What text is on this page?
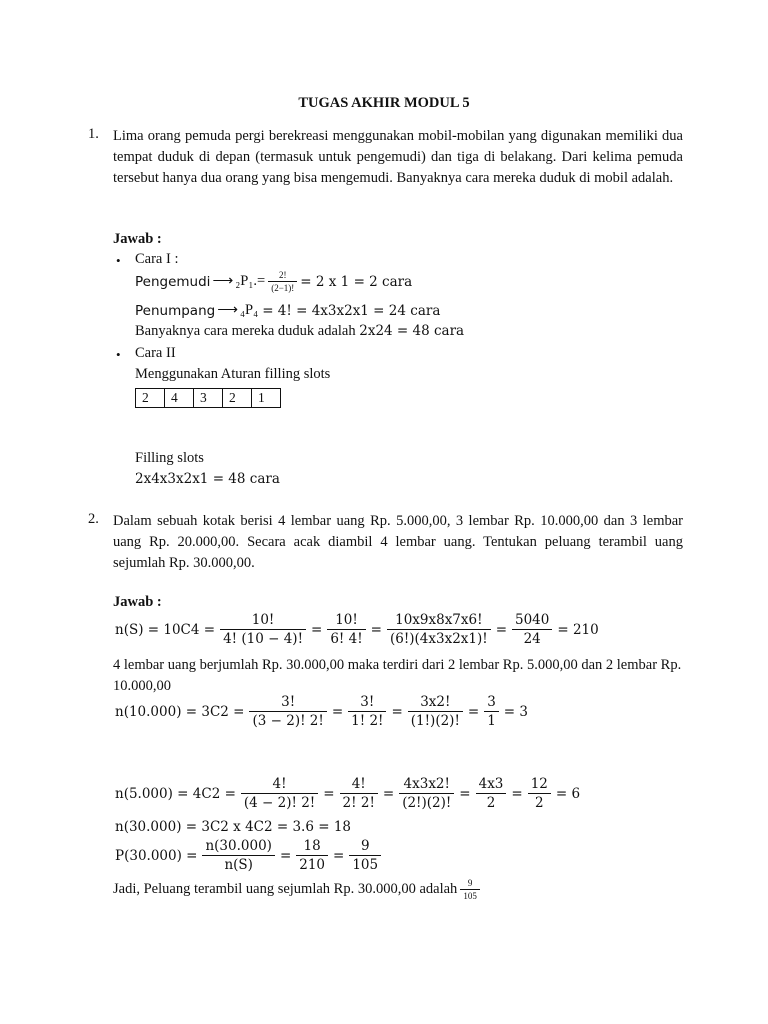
TUGAS AKHIR MODUL 5
1. Lima orang pemuda pergi berekreasi menggunakan mobil-mobilan yang digunakan memiliki dua tempat duduk di depan (termasuk untuk pengemudi) dan tiga di belakang. Dari kelima pemuda tersebut hanya dua orang yang bisa mengemudi. Banyaknya cara mereka duduk di mobil adalah.
Jawab :
• Cara I :
Pengemudi ⟶ $_2P_1.= \frac{2!}{(2-1)!} = 2$ x 1 = 2 cara
Penumpang ⟶ ₄P₄ = 4! = 4x3x2x1 = 24 cara
Banyaknya cara mereka duduk adalah 2x24 = 48 cara
• Cara II
Menggunakan Aturan filling slots
2	4	3	2	1
Filling slots
2x4x3x2x1 = 48 cara
2. Dalam sebuah kotak berisi 4 lembar uang Rp. 5.000,00, 3 lembar Rp. 10.000,00 dan 3 lembar uang Rp. 20.000,00. Secara acak diambil 4 lembar uang. Tentukan peluang terambil uang sejumlah Rp. 30.000,00.
Jawab :
$n(S) = 10C4 = \frac{10!}{4! (10 - 4)!} = \frac{10!}{6! 4!} = \frac{10x9x8x7x6!}{(6!)(4x3x2x1)!} = \frac{5040}{24} = 210$
4 lembar uang berjumlah Rp. 30.000,00 maka terdiri dari 2 lembar Rp. 5.000,00 dan 2 lembar Rp. 10.000,00
$n(10.000) = 3C2 = \frac{3!}{(3 - 2)! 2!} = \frac{3!}{1! 2!} = \frac{3x2!}{(1!)(2)!} = \frac{3}{1} = 3$
$n(5.000) = 4C2 = \frac{4!}{(4 - 2)! 2!} = \frac{4!}{2! 2!} = \frac{4x3x2!}{(2!)(2)!} = \frac{4x3}{2} = \frac{12}{2} = 6$
n(30.000) = 3C2 x 4C2 = 3.6 = 18
$P(30.000) = \frac{n(30.000)}{n(S)} = \frac{18}{210} = \frac{9}{105}$
Jadi, Peluang terambil uang sejumlah Rp. 30.000,00 adalah $\frac{9}{105}$
